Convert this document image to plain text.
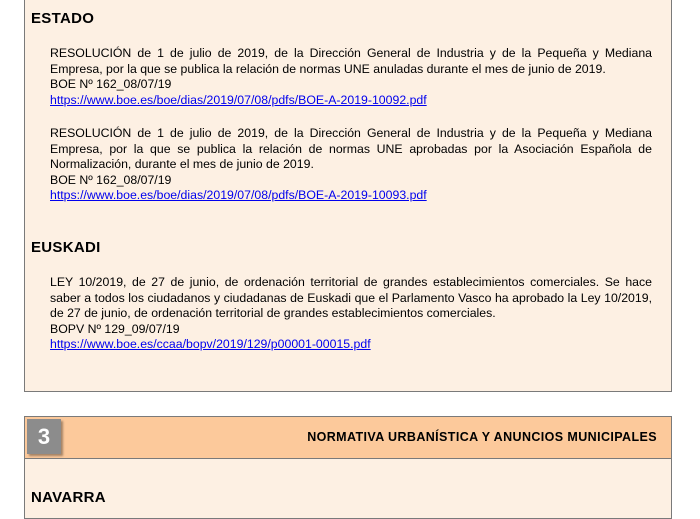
ESTADO

RESOLUCIÓN de 1 de julio de 2019, de la Dirección General de Industria y de la Pequeña y Mediana Empresa, por la que se publica la relación de normas UNE anuladas durante el mes de junio de 2019.

BOE Nº 162_08/07/19
https://www.boe.es/boe/dias/2019/07/08/pdfs/BOE-A-2019-10092.pdf

RESOLUCIÓN de 1 de julio de 2019, de la Dirección General de Industria y de la Pequeña y Mediana Empresa, por la que se publica la relación de normas UNE aprobadas por la Asociación Española de Normalización, durante el mes de junio de 2019.

BOE Nº 162_08/07/19
https://www.boe.es/boe/dias/2019/07/08/pdfs/BOE-A-2019-10093.pdf
EUSKADI

LEY 10/2019, de 27 de junio, de ordenación territorial de grandes establecimientos comerciales. Se hace saber a todos los ciudadanos y ciudadanas de Euskadi que el Parlamento Vasco ha aprobado la Ley 10/2019, de 27 de junio, de ordenación territorial de grandes establecimientos comerciales.

BOPV Nº 129_09/07/19
https://www.boe.es/ccaa/bopv/2019/129/p00001-00015.pdf
3	NORMATIVA URBANÍSTICA Y ANUNCIOS MUNICIPALES
NAVARRA
